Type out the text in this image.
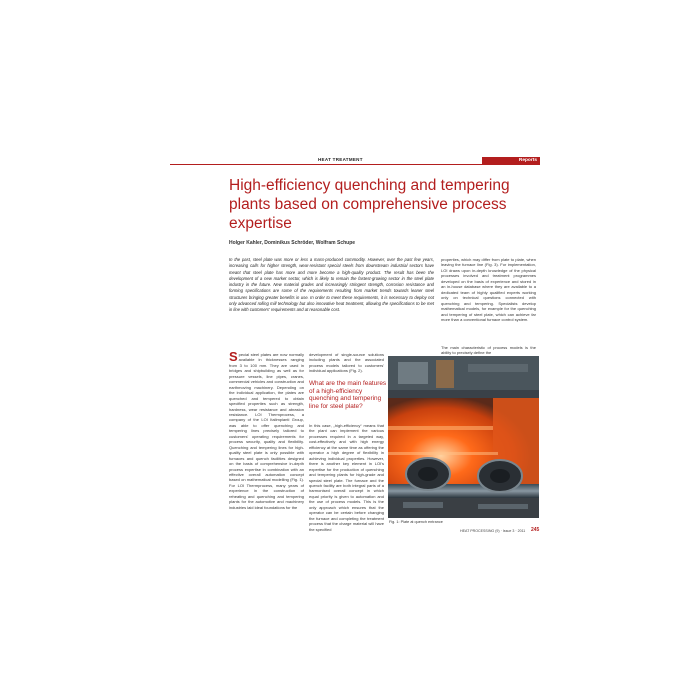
HEAT TREATMENT	Reports
High-efficiency quenching and tempering plants based on comprehensive process expertise
Holger Kahler, Dominikus Schröder, Wolfram Schupe
In the past, steel plate was more or less a mass-produced commodity. However, over the past few years, increasing calls for higher strength, wear-resistant special steels from downstream industrial sectors have meant that steel plate has more and more become a high-quality product. The result has been the development of a new market sector, which is likely to remain the fastest-growing sector in the steel plate industry in the future. New material grades and increasingly stringent strength, corrosion resistance and forming specifications are some of the requirements resulting from market trends towards leaner steel structures bringing greater benefits in use. In order to meet these requirements, it is necessary to deploy not only advanced rolling mill technology but also innovative heat treatment, allowing the specifications to be met in line with customers' requirements and at reasonable cost.

Special steel plates are now normally available in thicknesses ranging from 3 to 100 mm. They are used in bridges and shipbuilding as well as for pressure vessels, line pipes, cranes, commercial vehicles and construction and earthmoving machinery. Depending on the individual application, the plates are quenched and tempered to obtain specified properties such as strength, hardness, wear resistance and abrasion resistance. LOI Thermprocess, a company of the LOI Italimpianti Group, was able to offer quenching and tempering lines precisely tailored to customers' operating requirements for process security, quality and flexibility. Quenching and tempering lines for high-quality steel plate is only possible with furnaces and quench facilities designed on the basis of comprehensive in-depth process expertise in combination with an effective overall automation concept based on mathematical modelling (Fig. 1). For LOI Thermprocess, many years of experience in the construction of reheating and quenching and tempering plants for the automotive and machinery industries laid ideal foundations for the

development of single-source solutions including plants and the associated process models tailored to customers' individual applications (Fig. 2).

What are the main features of a high-efficiency quenching and tempering line for steel plate?

In this case, „high-efficiency“ means that the plant can implement the various processes required in a targeted way, cost-effectively and with high energy efficiency at the same time as offering the operator a high degree of flexibility in achieving individual properties. However, there is another key element in LOI's expertise for the production of quenching and tempering plants for high-grade and special steel plate. The furnace and the quench facility are both integral parts of a harmonised overall concept in which equal priority is given to automation and the use of process models. This is the only approach which ensures that the operator can be certain before changing the furnace and completing the treatment process that the charge material will have the specified

properties, which may differ from plate to plate, when leaving the furnace line (Fig. 3). For implementation, LOI draws upon in-depth knowledge of the physical processes involved and treatment programmes developed on the basis of experience and stored in an in-house database where they are available to a dedicated team of highly qualified experts working only on technical questions connected with quenching and tempering. Specialists develop mathematical models, for example for the quenching and tempering of steel plate, which can achieve far more than a conventional furnace control system.

The main characteristic of process models is the ability to precisely define the

Fig. 1: Plate at quench entrance
HEAT PROCESSING (9) · Issue 3 · 2011 245
